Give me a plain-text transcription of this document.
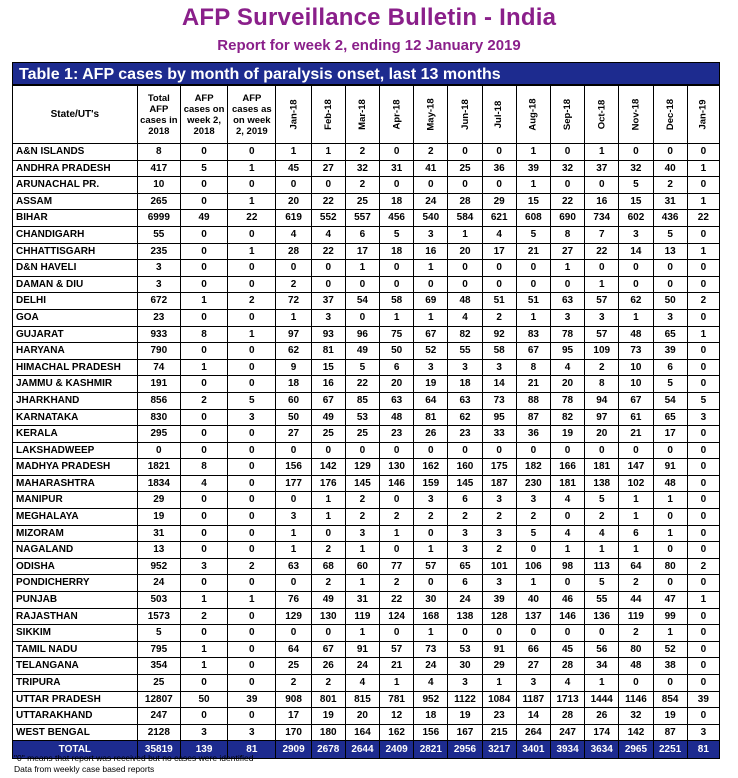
AFP Surveillance Bulletin - India
Report for week 2, ending 12 January 2019
Table 1: AFP cases by month of paralysis onset, last 13 months
State/UT's	Total AFP cases in 2018	AFP cases on week 2, 2018	AFP cases as on week 2, 2019	Jan-18	Feb-18	Mar-18	Apr-18	May-18	Jun-18	Jul-18	Aug-18	Sep-18	Oct-18	Nov-18	Dec-18	Jan-19
A&N ISLANDS	8	0	0	1	1	2	0	2	0	0	1	0	1	0	0	0
ANDHRA PRADESH	417	5	1	45	27	32	31	41	25	36	39	32	37	32	40	1
ARUNACHAL PR.	10	0	0	0	0	2	0	0	0	0	1	0	0	5	2	0
ASSAM	265	0	1	20	22	25	18	24	28	29	15	22	16	15	31	1
BIHAR	6999	49	22	619	552	557	456	540	584	621	608	690	734	602	436	22
CHANDIGARH	55	0	0	4	4	6	5	3	1	4	5	8	7	3	5	0
CHHATTISGARH	235	0	1	28	22	17	18	16	20	17	21	27	22	14	13	1
D&N HAVELI	3	0	0	0	0	1	0	1	0	0	0	1	0	0	0	0
DAMAN & DIU	3	0	0	2	0	0	0	0	0	0	0	0	1	0	0	0
DELHI	672	1	2	72	37	54	58	69	48	51	51	63	57	62	50	2
GOA	23	0	0	1	3	0	1	1	4	2	1	3	3	1	3	0
GUJARAT	933	8	1	97	93	96	75	67	82	92	83	78	57	48	65	1
HARYANA	790	0	0	62	81	49	50	52	55	58	67	95	109	73	39	0
HIMACHAL PRADESH	74	1	0	9	15	5	6	3	3	3	8	4	2	10	6	0
JAMMU & KASHMIR	191	0	0	18	16	22	20	19	18	14	21	20	8	10	5	0
JHARKHAND	856	2	5	60	67	85	63	64	63	73	88	78	94	67	54	5
KARNATAKA	830	0	3	50	49	53	48	81	62	95	87	82	97	61	65	3
KERALA	295	0	0	27	25	25	23	26	23	33	36	19	20	21	17	0
LAKSHADWEEP	0	0	0	0	0	0	0	0	0	0	0	0	0	0	0	0
MADHYA PRADESH	1821	8	0	156	142	129	130	162	160	175	182	166	181	147	91	0
MAHARASHTRA	1834	4	0	177	176	145	146	159	145	187	230	181	138	102	48	0
MANIPUR	29	0	0	0	1	2	0	3	6	3	3	4	5	1	1	0
MEGHALAYA	19	0	0	3	1	2	2	2	2	2	2	0	2	1	0	0
MIZORAM	31	0	0	1	0	3	1	0	3	3	5	4	4	6	1	0
NAGALAND	13	0	0	1	2	1	0	1	3	2	0	1	1	1	0	0
ODISHA	952	3	2	63	68	60	77	57	65	101	106	98	113	64	80	2
PONDICHERRY	24	0	0	0	2	1	2	0	6	3	1	0	5	2	0	0
PUNJAB	503	1	1	76	49	31	22	30	24	39	40	46	55	44	47	1
RAJASTHAN	1573	2	0	129	130	119	124	168	138	128	137	146	136	119	99	0
SIKKIM	5	0	0	0	0	1	0	1	0	0	0	0	0	2	1	0
TAMIL NADU	795	1	0	64	67	91	57	73	53	91	66	45	56	80	52	0
TELANGANA	354	1	0	25	26	24	21	24	30	29	27	28	34	48	38	0
TRIPURA	25	0	0	2	2	4	1	4	3	1	3	4	1	0	0	0
UTTAR PRADESH	12807	50	39	908	801	815	781	952	1122	1084	1187	1713	1444	1146	854	39
UTTARAKHAND	247	0	0	17	19	20	12	18	19	23	14	28	26	32	19	0
WEST BENGAL	2128	3	3	170	180	164	162	156	167	215	264	247	174	142	87	3
TOTAL	35819	139	81	2909	2678	2644	2409	2821	2956	3217	3401	3934	3634	2965	2251	81
"0" means that report was received but no cases were identified
Data from weekly case based reports
